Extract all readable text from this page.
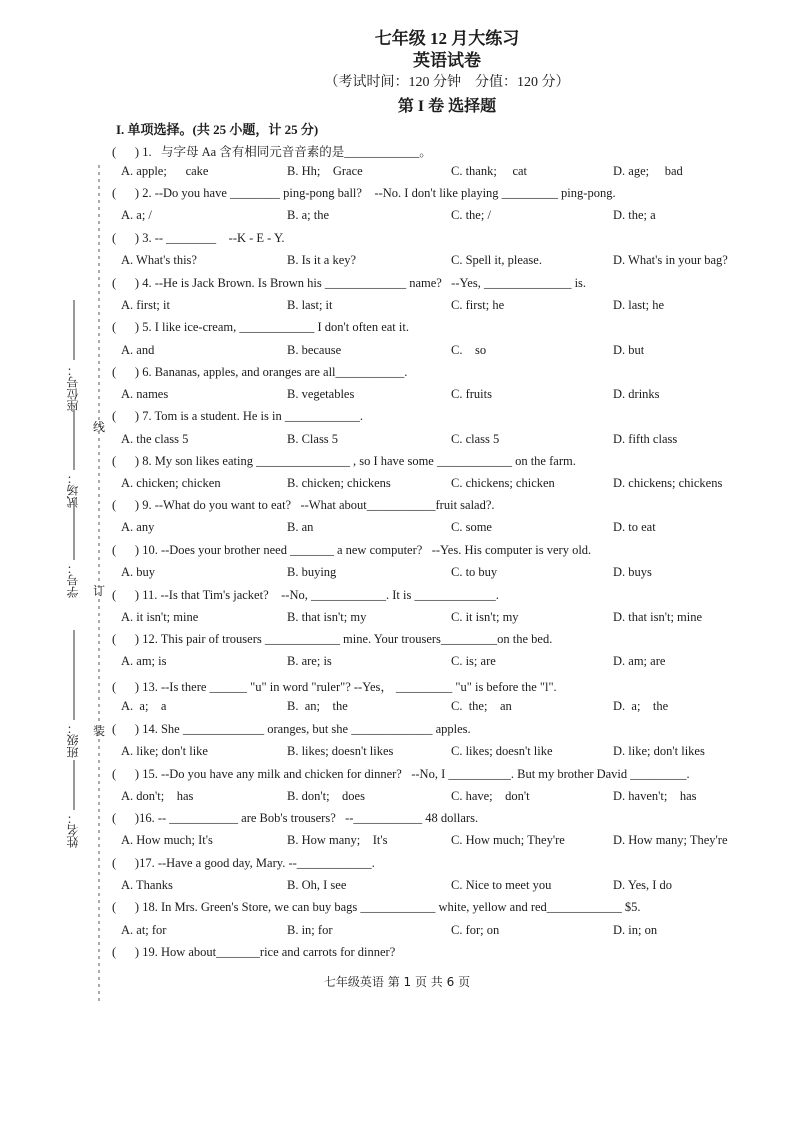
座位号：
试场：
学号：
班级：
姓名：
线
订
装
七年级 12 月大练习
英语试卷
（考试时间：120 分钟　分值：120 分）
第 I 卷 选择题
I. 单项选择。(共 25 小题，计 25 分)
(      ) 1.   与字母 Aa 含有相同元音音素的是____________。
A. apple;      cake	B. Hh;    Grace	C. thank;     cat	D. age;     bad
(      ) 2. --Do you have ________ ping-pong ball?    --No. I don't like playing _________ ping-pong.
A. a; /	B. a; the	C. the; /	D. the; a
(      ) 3. -- ________    --K - E - Y.
A. What's this?	B. Is it a key?	C. Spell it, please.	D. What's in your bag?
(      ) 4. --He is Jack Brown. Is Brown his _____________ name?   --Yes, ______________ is.
A. first; it	B. last; it	C. first; he	D. last; he
(      ) 5. I like ice-cream, ____________ I don't often eat it.
A. and	B. because	C.    so	D. but
(      ) 6. Bananas, apples, and oranges are all___________.
A. names	B. vegetables	C. fruits	D. drinks
(      ) 7. Tom is a student. He is in ____________.
A. the class 5	B. Class 5	C. class 5	D. fifth class
(      ) 8. My son likes eating _______________ , so I have some ____________ on the farm.
A. chicken; chicken	B. chicken; chickens	C. chickens; chicken	D. chickens; chickens
(      ) 9. --What do you want to eat?   --What about___________fruit salad?.
A. any	B. an	C. some	D. to eat
(      ) 10. --Does your brother need _______ a new computer?   --Yes. His computer is very old.
A. buy	B. buying	C. to buy	D. buys
(      ) 11. --Is that Tim's jacket?    --No, ____________. It is _____________.
A. it isn't; mine	B. that isn't; my	C. it isn't; my	D. that isn't; mine
(      ) 12. This pair of trousers ____________ mine. Your trousers_________on the bed.
A. am; is	B. are; is	C. is; are	D. am; are
(      ) 13. --Is there ______ "u" in word "ruler"? --Yes， _________ "u" is before the "l".
A.  a;    a	B.  an;    the	C.  the;    an	D.  a;    the
(      ) 14. She _____________ oranges, but she _____________ apples.
A. like; don't like	B. likes; doesn't likes	C. likes; doesn't like	D. like; don't likes
(      ) 15. --Do you have any milk and chicken for dinner?   --No, I __________. But my brother David _________.
A. don't;    has	B. don't;    does	C. have;    don't	D. haven't;    has
(      )16. -- ___________ are Bob's trousers?   --___________ 48 dollars.
A. How much; It's	B. How many;    It's	C. How much; They're	D. How many; They're
(      )17. --Have a good day, Mary. --____________.
A. Thanks	B. Oh, I see	C. Nice to meet you	D. Yes, I do
(      ) 18. In Mrs. Green's Store, we can buy bags ____________ white, yellow and red____________ $5.
A. at; for	B. in; for	C. for; on	D. in; on
(      ) 19. How about_______rice and carrots for dinner?
七年级英语 第 1 页 共 6 页
